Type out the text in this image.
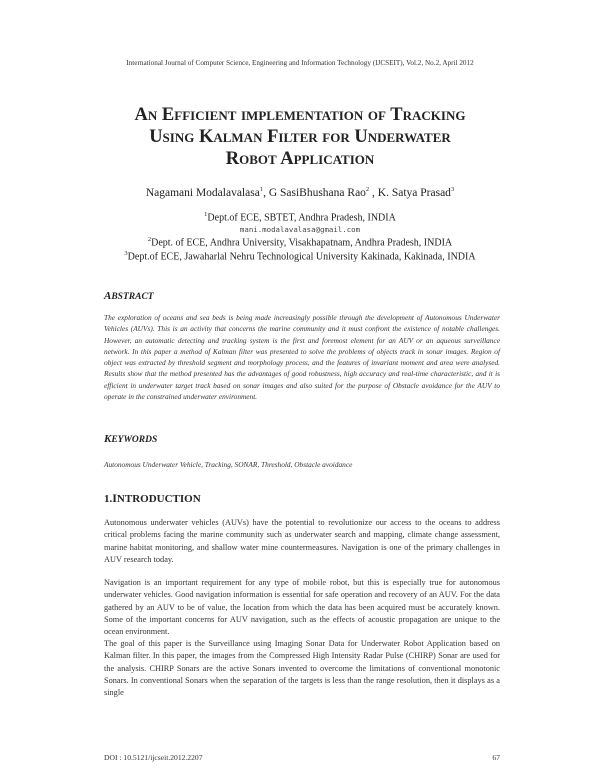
International Journal of Computer Science, Engineering and Information Technology (IJCSEIT), Vol.2, No.2, April 2012
An Efficient implementation of Tracking
Using Kalman Filter for Underwater
Robot Application
Nagamani Modalavalasa$^1$, G SasiBhushana Rao$^2$ , K. Satya Prasad$^3$
$^1$Dept.of ECE, SBTET, Andhra Pradesh, INDIA
mani.modalavalasa@gmail.com
$^2$Dept. of ECE, Andhra University, Visakhapatnam, Andhra Pradesh, INDIA
$^3$Dept.of ECE, Jawaharlal Nehru Technological University Kakinada, Kakinada, INDIA
ABSTRACT
The exploration of oceans and sea beds is being made increasingly possible through the development of Autonomous Underwater Vehicles (AUVs). This is an activity that concerns the marine community and it must confront the existence of notable challenges. However, an automatic detecting and tracking system is the first and foremost element for an AUV or an aqueous surveillance network. In this paper a method of Kalman filter was presented to solve the problems of objects track in sonar images. Region of object was extracted by threshold segment and morphology process, and the features of invariant moment and area were analysed. Results show that the method presented has the advantages of good robustness, high accuracy and real-time characteristic, and it is efficient in underwater target track based on sonar images and also suited for the purpose of Obstacle avoidance for the AUV to operate in the constrained underwater environment.
KEYWORDS
Autonomous Underwater Vehicle, Tracking, SONAR, Threshold, Obstacle avoidance
1.INTRODUCTION
Autonomous underwater vehicles (AUVs) have the potential to revolutionize our access to the oceans to address critical problems facing the marine community such as underwater search and mapping, climate change assessment, marine habitat monitoring, and shallow water mine countermeasures. Navigation is one of the primary challenges in AUV research today.
Navigation is an important requirement for any type of mobile robot, but this is especially true for autonomous underwater vehicles. Good navigation information is essential for safe operation and recovery of an AUV. For the data gathered by an AUV to be of value, the location from which the data has been acquired must be accurately known. Some of the important concerns for AUV navigation, such as the effects of acoustic propagation are unique to the ocean environment.
The goal of this paper is the Surveillance using Imaging Sonar Data for Underwater Robot Application based on Kalman filter. In this paper, the images from the Compressed High Intensity Radar Pulse (CHIRP) Sonar are used for the analysis. CHIRP Sonars are the active Sonars invented to overcome the limitations of conventional monotonic Sonars. In conventional Sonars when the separation of the targets is less than the range resolution, then it displays as a single
DOI : 10.5121/ijcseit.2012.2207	67
